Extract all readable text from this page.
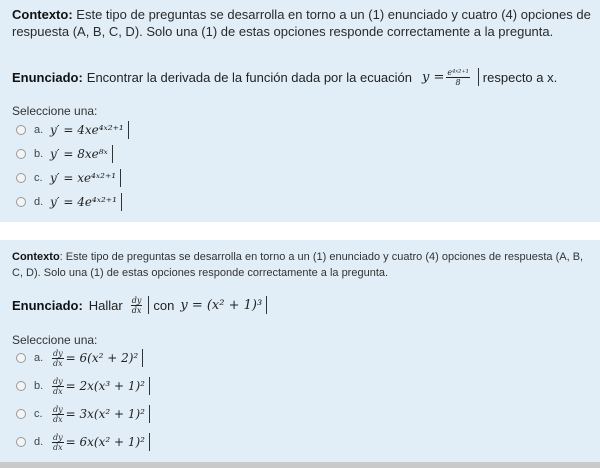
Contexto: Este tipo de preguntas se desarrolla en torno a un (1) enunciado y cuatro (4) opciones de respuesta (A, B, C, D). Solo una (1) de estas opciones responde correctamente a la pregunta.
Enunciado: Encontrar la derivada de la función dada por la ecuación $y = \frac{\text{e⁴ˣ²⁺¹}}{8}$ respecto a x.
Seleccione una:
a. y′ = 4xe⁴ˣ²⁺¹
b. y′ = 8xe⁸ˣ
c. y′ = xe⁴ˣ²⁺¹
d. y′ = 4e⁴ˣ²⁺¹
Contexto: Este tipo de preguntas se desarrolla en torno a un (1) enunciado y cuatro (4) opciones de respuesta (A, B, C, D). Solo una (1) de estas opciones responde correctamente a la pregunta.
Enunciado: Hallar $\frac{dy}{dx}$ con y = (x² + 1)³
Seleccione una:
a.	$\frac{dy}{dx} = 6(x^2 + 2)^2$
b.	$\frac{dy}{dx} = 2x(x^3 + 1)^2$
c.	$\frac{dy}{dx} = 3x(x^2 + 1)^2$
d.	$\frac{dy}{dx} = 6x(x^2 + 1)^2$
